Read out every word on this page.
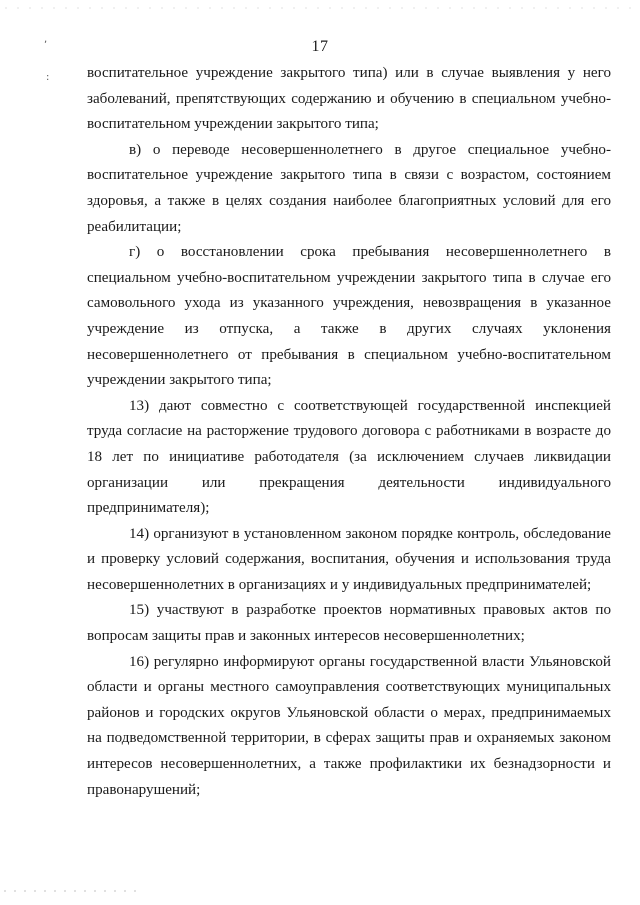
,
:
17

воспитательное учреждение закрытого типа) или в случае выявления у него заболеваний, препятствующих содержанию и обучению в специальном учебно-воспитательном учреждении закрытого типа;

в) о переводе несовершеннолетнего в другое специальное учебно-воспитательное учреждение закрытого типа в связи с возрастом, состоянием здоровья, а также в целях создания наиболее благоприятных условий для его реабилитации;

г) о восстановлении срока пребывания несовершеннолетнего в специальном учебно-воспитательном учреждении закрытого типа в случае его самовольного ухода из указанного учреждения, невозвращения в указанное учреждение из отпуска, а также в других случаях уклонения несовершеннолетнего от пребывания в специальном учебно-воспитательном учреждении закрытого типа;

13) дают совместно с соответствующей государственной инспекцией труда согласие на расторжение трудового договора с работниками в возрасте до 18 лет по инициативе работодателя (за исключением случаев ликвидации организации или прекращения деятельности индивидуального предпринимателя);

14) организуют в установленном законом порядке контроль, обследование и проверку условий содержания, воспитания, обучения и использования труда несовершеннолетних в организациях и у индивидуальных предпринимателей;

15) участвуют в разработке проектов нормативных правовых актов по вопросам защиты прав и законных интересов несовершеннолетних;

16) регулярно информируют органы государственной власти Ульяновской области и органы местного самоуправления соответствующих муниципальных районов и городских округов Ульяновской области о мерах, предпринимаемых на подведомственной территории, в сферах защиты прав и охраняемых законом интересов несовершеннолетних, а также профилактики их безнадзорности и правонарушений;
